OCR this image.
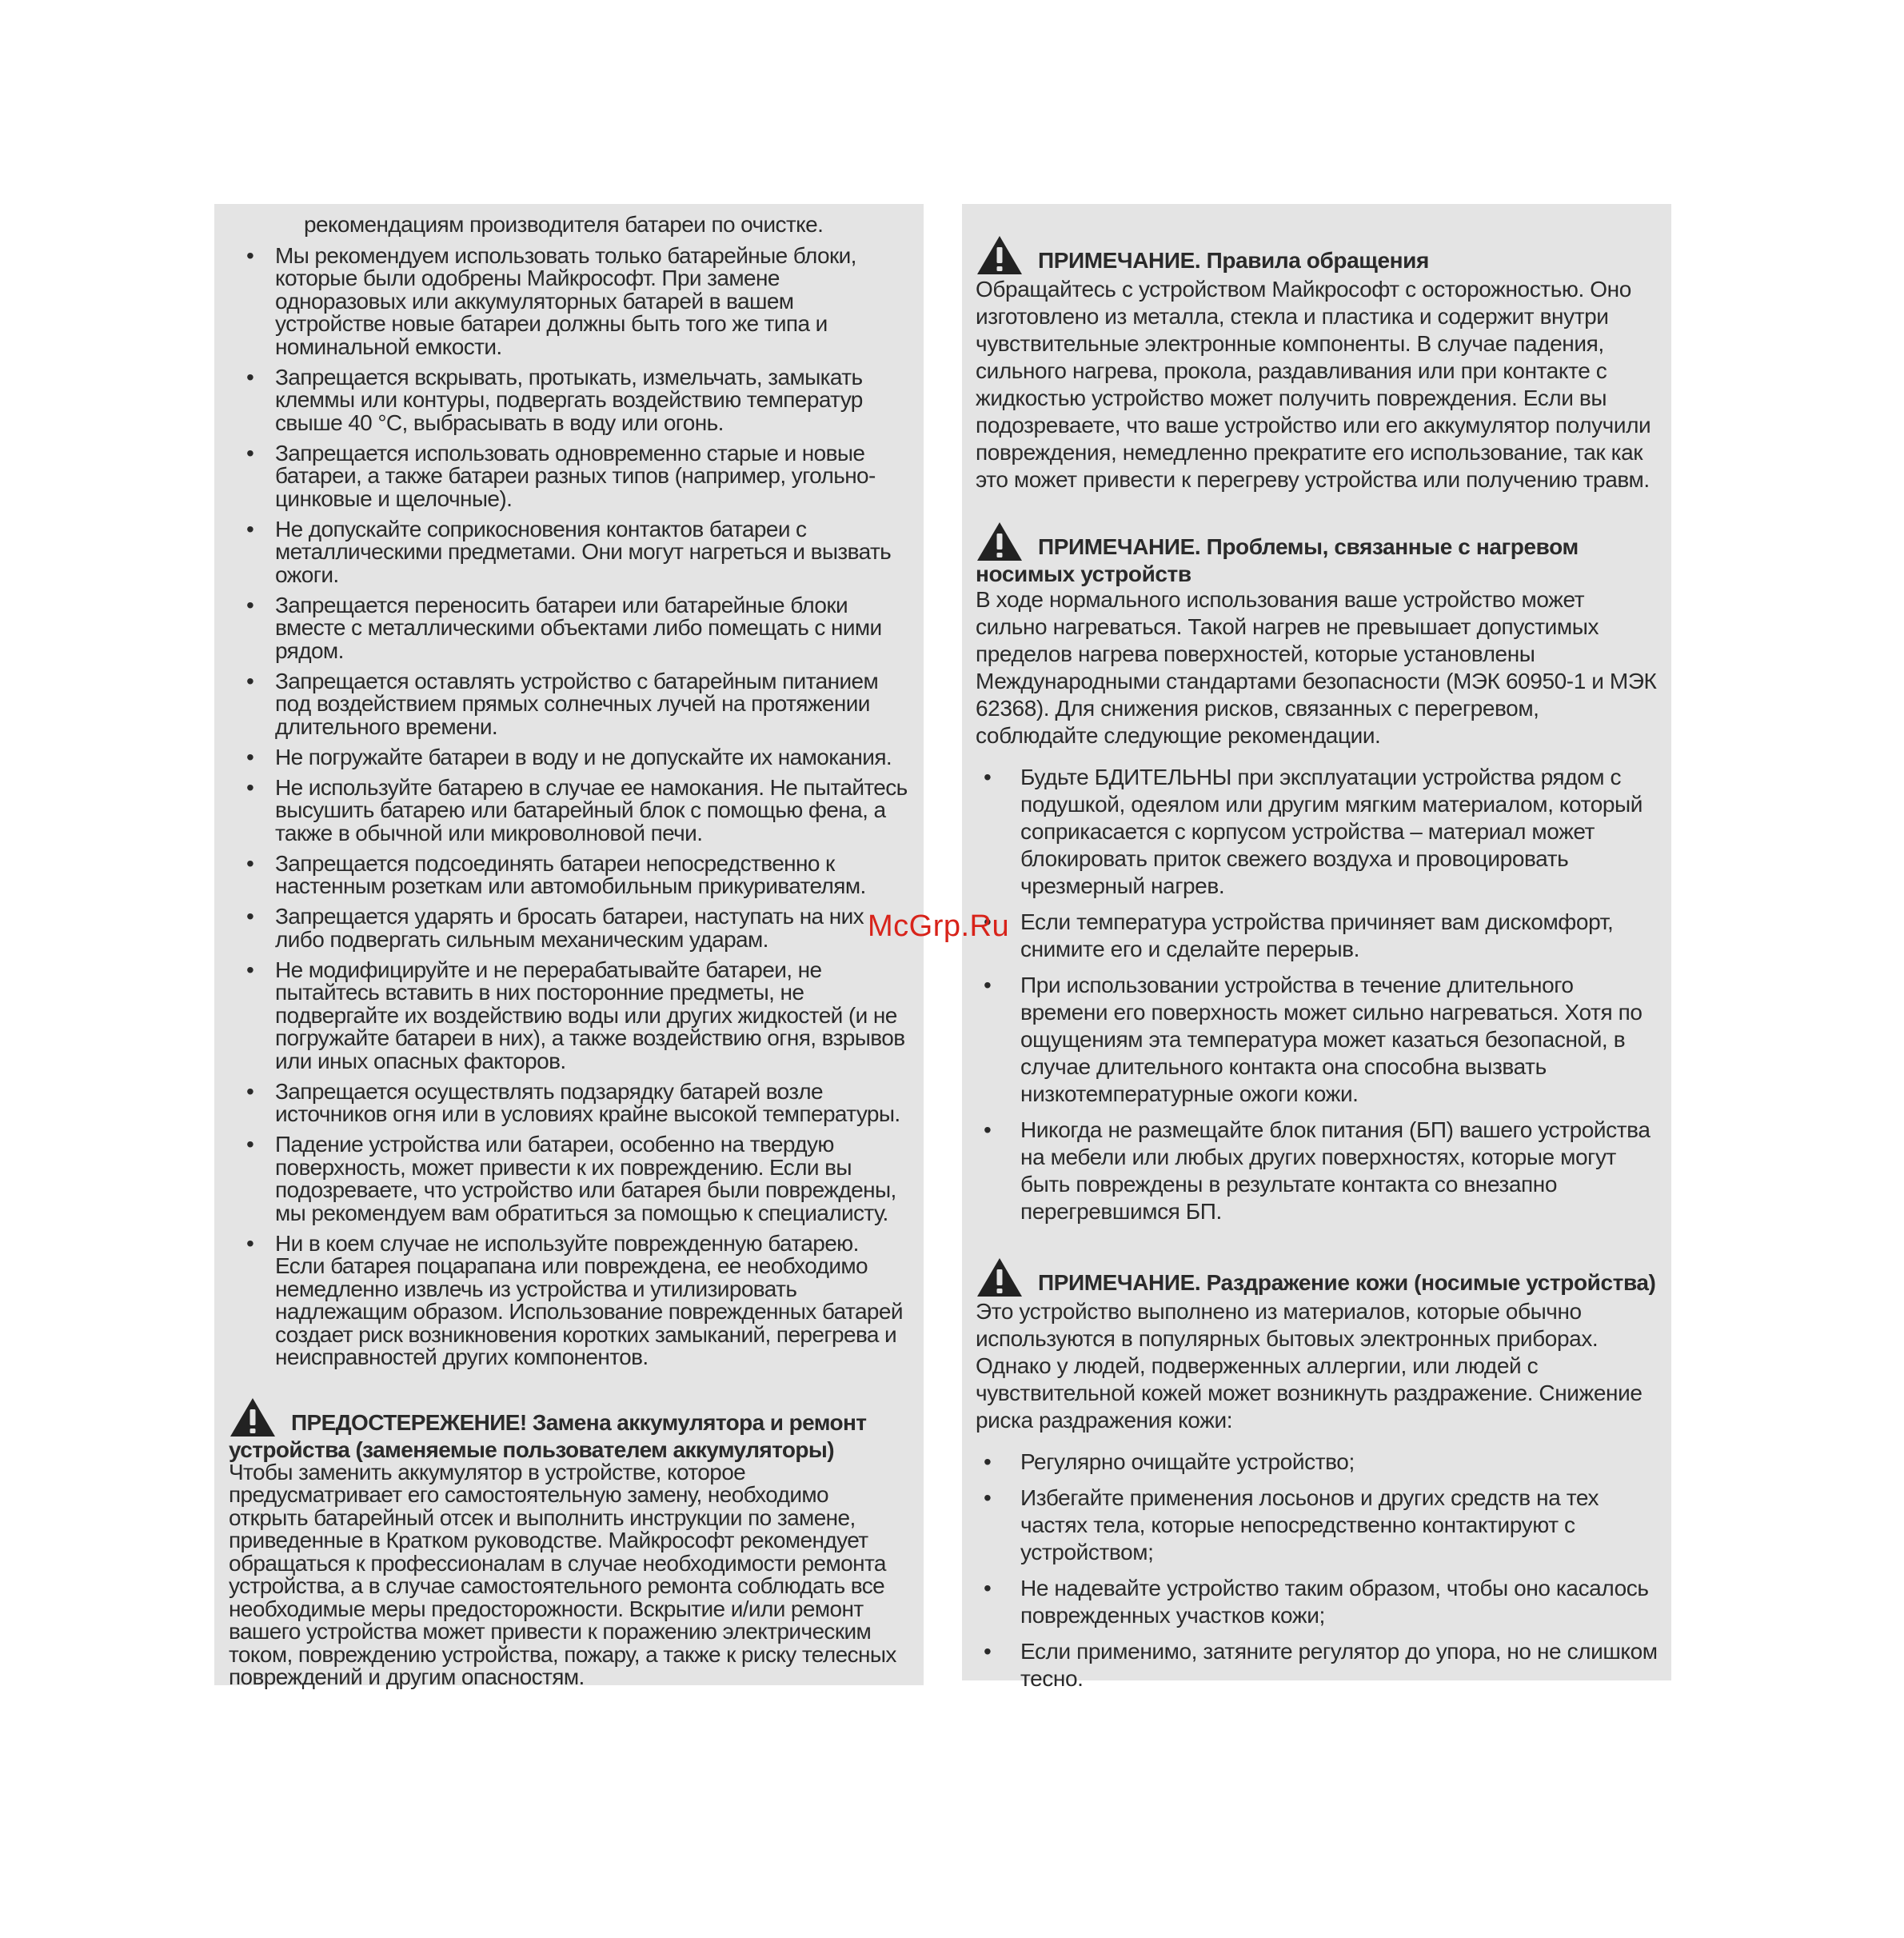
рекомендациям производителя батареи по очистке.

• Мы рекомендуем использовать только батарейные блоки, которые были одобрены Майкрософт. При замене одноразовых или аккумуляторных батарей в вашем устройстве новые батареи должны быть того же типа и номинальной емкости.
• Запрещается вскрывать, протыкать, измельчать, замыкать клеммы или контуры, подвергать воздействию температур свыше 40 °C, выбрасывать в воду или огонь.
• Запрещается использовать одновременно старые и новые батареи, а также батареи разных типов (например, угольно-цинковые и щелочные).
• Не допускайте соприкосновения контактов батареи с металлическими предметами. Они могут нагреться и вызвать ожоги.
• Запрещается переносить батареи или батарейные блоки вместе с металлическими объектами либо помещать с ними рядом.
• Запрещается оставлять устройство с батарейным питанием под воздействием прямых солнечных лучей на протяжении длительного времени.
• Не погружайте батареи в воду и не допускайте их намокания.
• Не используйте батарею в случае ее намокания. Не пытайтесь высушить батарею или батарейный блок с помощью фена, а также в обычной или микроволновой печи.
• Запрещается подсоединять батареи непосредственно к настенным розеткам или автомобильным прикуривателям.
• Запрещается ударять и бросать батареи, наступать на них либо подвергать сильным механическим ударам.
• Не модифицируйте и не перерабатывайте батареи, не пытайтесь вставить в них посторонние предметы, не подвергайте их воздействию воды или других жидкостей (и не погружайте батареи в них), а также воздействию огня, взрывов или иных опасных факторов.
• Запрещается осуществлять подзарядку батарей возле источников огня или в условиях крайне высокой температуры.
• Падение устройства или батареи, особенно на твердую поверхность, может привести к их повреждению. Если вы подозреваете, что устройство или батарея были повреждены, мы рекомендуем вам обратиться за помощью к специалисту.
• Ни в коем случае не используйте поврежденную батарею. Если батарея поцарапана или повреждена, ее необходимо немедленно извлечь из устройства и утилизировать надлежащим образом. Использование поврежденных батарей создает риск возникновения коротких замыканий, перегрева и неисправностей других компонентов.

ПРЕДОСТЕРЕЖЕНИЕ! Замена аккумулятора и ремонт устройства (заменяемые пользователем аккумуляторы)

Чтобы заменить аккумулятор в устройстве, которое предусматривает его самостоятельную замену, необходимо открыть батарейный отсек и выполнить инструкции по замене, приведенные в Кратком руководстве. Майкрософт рекомендует обращаться к профессионалам в случае необходимости ремонта устройства, а в случае самостоятельного ремонта соблюдать все необходимые меры предосторожности. Вскрытие и/или ремонт вашего устройства может привести к поражению электрическим током, повреждению устройства, пожару, а также к риску телесных повреждений и другим опасностям.

ПРИМЕЧАНИЕ. Правила обращения

Обращайтесь с устройством Майкрософт с осторожностью. Оно изготовлено из металла, стекла и пластика и содержит внутри чувствительные электронные компоненты. В случае падения, сильного нагрева, прокола, раздавливания или при контакте с жидкостью устройство может получить повреждения. Если вы подозреваете, что ваше устройство или его аккумулятор получили повреждения, немедленно прекратите его использование, так как это может привести к перегреву устройства или получению травм.

ПРИМЕЧАНИЕ. Проблемы, связанные с нагревом носимых устройств

В ходе нормального использования ваше устройство может сильно нагреваться. Такой нагрев не превышает допустимых пределов нагрева поверхностей, которые установлены Международными стандартами безопасности (МЭК 60950-1 и МЭК 62368). Для снижения рисков, связанных с перегревом, соблюдайте следующие рекомендации.

• Будьте БДИТЕЛЬНЫ при эксплуатации устройства рядом с подушкой, одеялом или другим мягким материалом, который соприкасается с корпусом устройства – материал может блокировать приток свежего воздуха и провоцировать чрезмерный нагрев.
• Если температура устройства причиняет вам дискомфорт, снимите его и сделайте перерыв.
• При использовании устройства в течение длительного времени его поверхность может сильно нагреваться. Хотя по ощущениям эта температура может казаться безопасной, в случае длительного контакта она способна вызвать низкотемпературные ожоги кожи.
• Никогда не размещайте блок питания (БП) вашего устройства на мебели или любых других поверхностях, которые могут быть повреждены в результате контакта со внезапно перегревшимся БП.

ПРИМЕЧАНИЕ. Раздражение кожи (носимые устройства)

Это устройство выполнено из материалов, которые обычно используются в популярных бытовых электронных приборах. Однако у людей, подверженных аллергии, или людей с чувствительной кожей может возникнуть раздражение. Снижение риска раздражения кожи:

• Регулярно очищайте устройство;
• Избегайте применения лосьонов и других средств на тех частях тела, которые непосредственно контактируют с устройством;
• Не надевайте устройство таким образом, чтобы оно касалось поврежденных участков кожи;
• Если применимо, затяните регулятор до упора, но не слишком тесно.
McGrp.Ru
